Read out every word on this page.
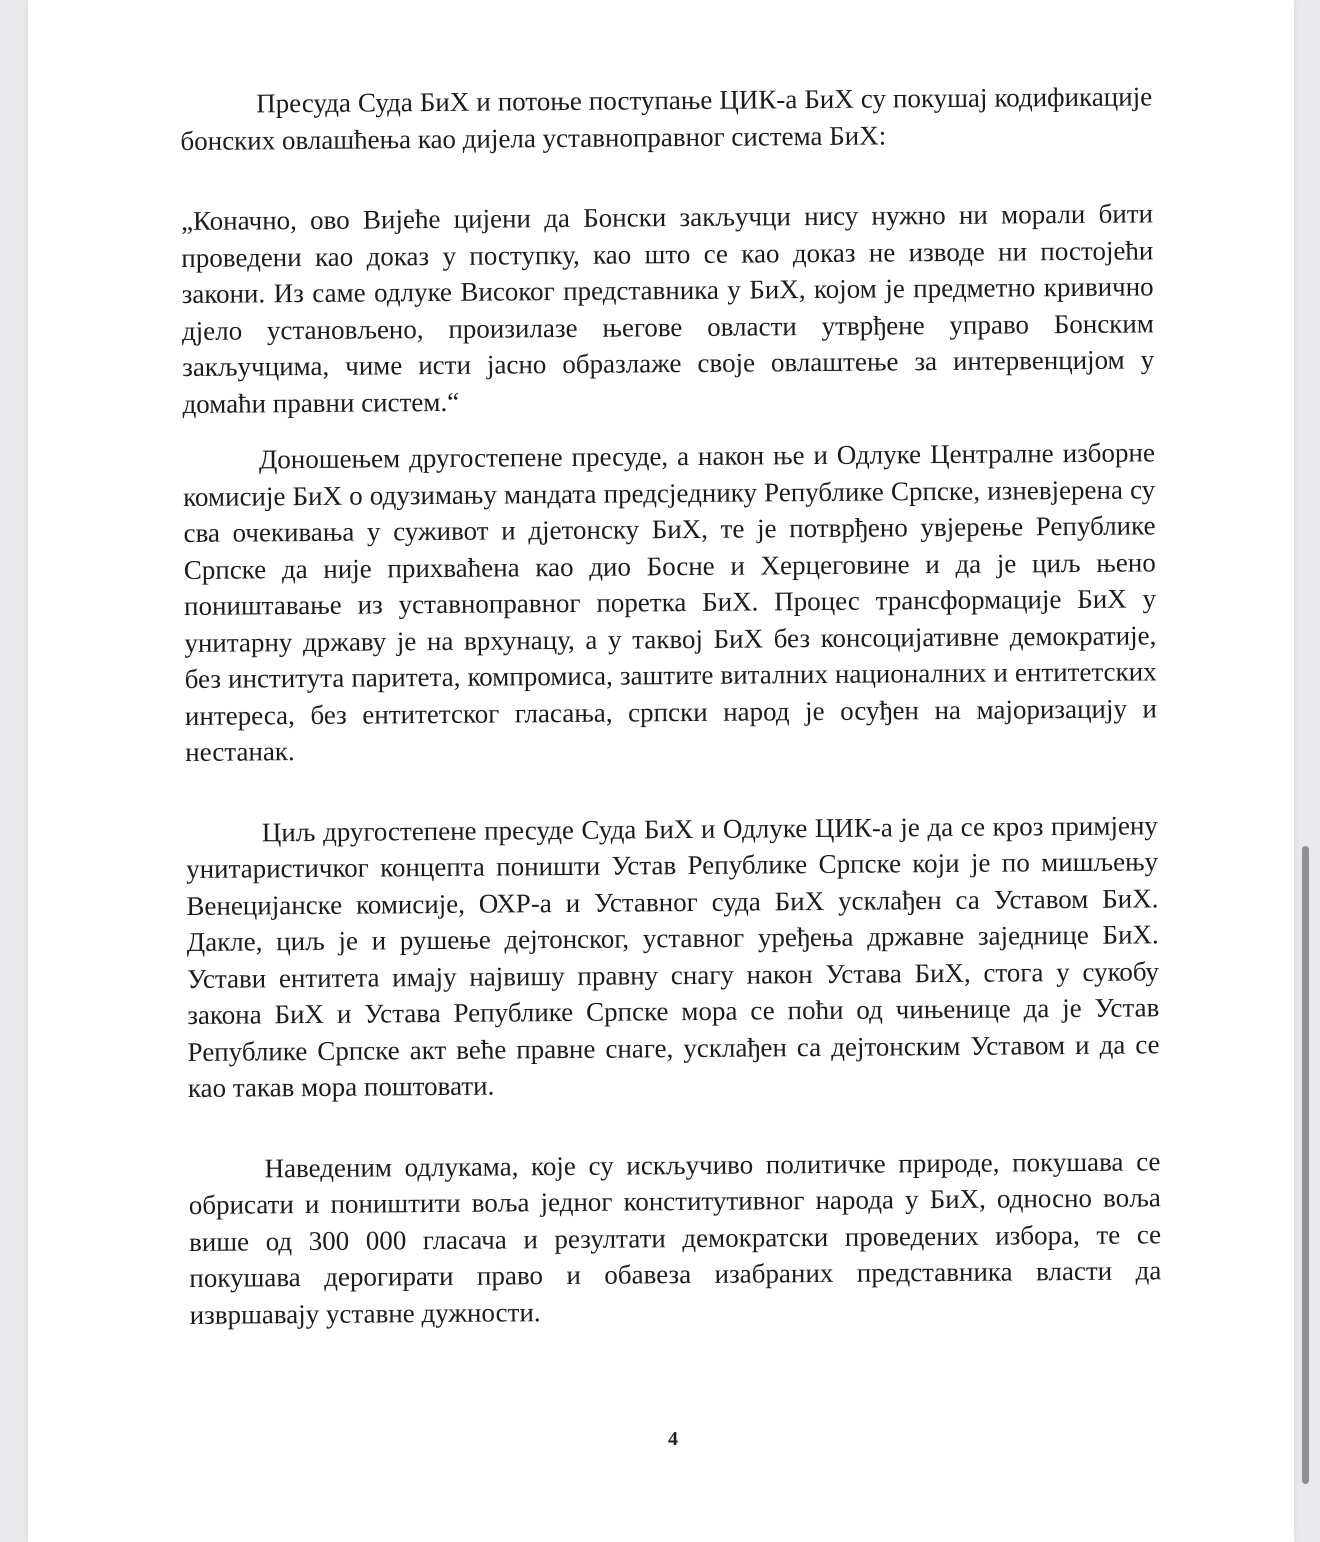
Пресуда Суда БиХ и потоње поступање ЦИК-а БиХ су покушај кодификације бонских овлашћења као дијела уставноправног система БиХ:

„Коначно, ово Вијеће цијени да Бонски закључци нису нужно ни морали бити проведени као доказ у поступку, као што се као доказ не изводе ни постојећи закони. Из саме одлуке Високог представника у БиХ, којом је предметно кривично дјело установљено, произилазе његове овласти утврђене управо Бонским закључцима, чиме исти јасно образлаже своје овлаштење за интервенцијом у домаћи правни систем.“

Доношењем другостепене пресуде, а након ње и Одлуке Централне изборне комисије БиХ о одузимању мандата предсједнику Републике Српске, изневјерена су сва очекивања у суживот и дјетонску БиХ, те је потврђено увјерење Републике Српске да није прихваћена као дио Босне и Херцеговине и да је циљ њено поништавање из уставноправног поретка БиХ. Процес трансформације БиХ у унитарну државу је на врхунацу, а у таквој БиХ без консоцијативне демократије, без института паритета, компромиса, заштите виталних националних и ентитетских интереса, без ентитетског гласања, српски народ је осуђен на мајоризацију и нестанак.

Циљ другостепене пресуде Суда БиХ и Одлуке ЦИК-а је да се кроз примјену унитаристичког концепта поништи Устав Републике Српске који је по мишљењу Венецијанске комисије, ОХР-а и Уставног суда БиХ усклађен са Уставом БиХ. Дакле, циљ је и рушење дејтонског, уставног уређења државне заједнице БиХ. Устави ентитета имају највишу правну снагу након Устава БиХ, стога у сукобу закона БиХ и Устава Републике Српске мора се поћи од чињенице да је Устав Републике Српске акт веће правне снаге, усклађен са дејтонским Уставом и да се као такав мора поштовати.

Наведеним одлукама, које су искључиво политичке природе, покушава се обрисати и поништити воља једног конститутивног народа у БиХ, односно воља више од 300 000 гласача и резултати демократски проведених избора, те се покушава дерогирати право и обавеза изабраних представника власти да извршавају уставне дужности.

4
